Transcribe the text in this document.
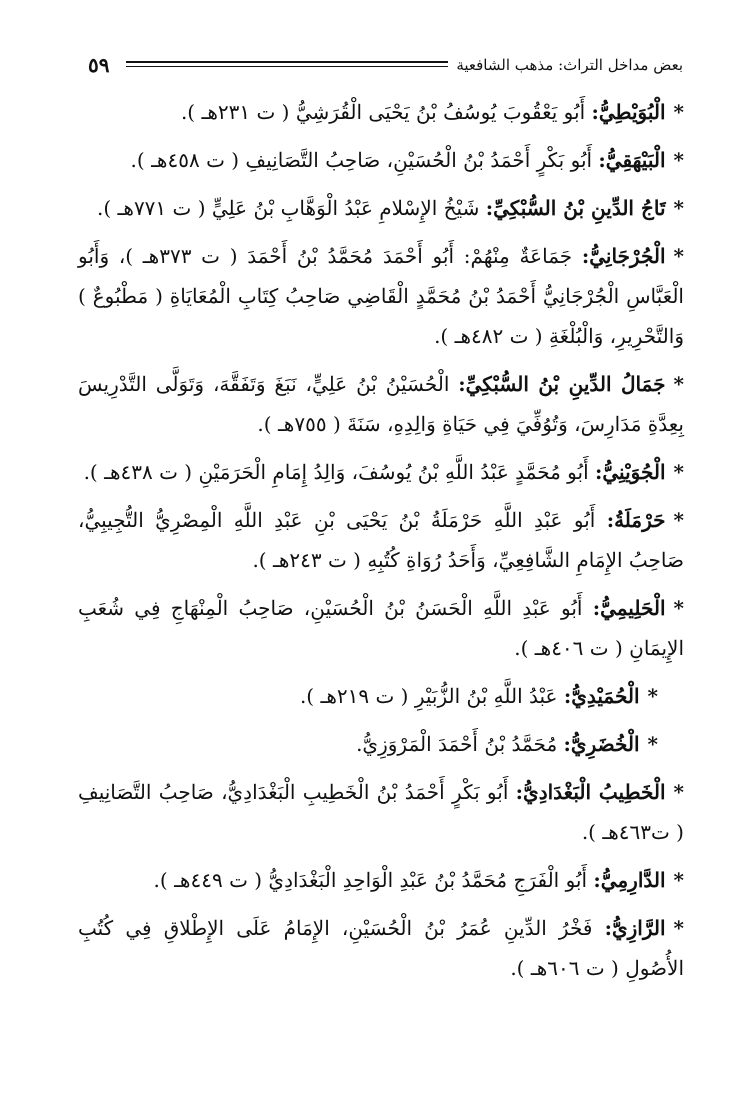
٥٩	بعض مداخل التراث: مذهب الشافعية

*الْبُوَيْطِيُّ: أَبُو يَعْقُوبَ يُوسُفُ بْنُ يَحْيَى الْقُرَشِيُّ ( ت ٢٣١هـ ).

*الْبَيْهَقِيُّ: أَبُو بَكْرٍ أَحْمَدُ بْنُ الْحُسَيْنِ، صَاحِبُ التَّصَانِيفِ ( ت ٤٥٨هـ ).

*تَاجُ الدِّينِ بْنُ السُّبْكِيِّ: شَيْخُ الإِسْلامِ عَبْدُ الْوَهَّابِ بْنُ عَلِيٍّ ( ت ٧٧١هـ ).

*الْجُرْجَانِيُّ: جَمَاعَةٌ مِنْهُمْ: أَبُو أَحْمَدَ مُحَمَّدُ بْنُ أَحْمَدَ ( ت ٣٧٣هـ )، وَأَبُو الْعَبَّاسِ الْجُرْجَانِيُّ أَحْمَدُ بْنُ مُحَمَّدٍ الْقَاضِي صَاحِبُ كِتَابِ الْمُعَايَاةِ ( مَطْبُوعٌ ) وَالتَّحْرِيرِ، وَالْبُلْغَةِ ( ت ٤٨٢هـ ).

*جَمَالُ الدِّينِ بْنُ السُّبْكِيِّ: الْحُسَيْنُ بْنُ عَلِيٍّ، نَبَغَ وَتَفَقَّهَ، وَتَوَلَّى التَّدْرِيسَ بِعِدَّةِ مَدَارِسَ، وَتُوُفِّيَ فِي حَيَاةِ وَالِدِهِ، سَنَةَ ( ٧٥٥هـ ).

*الْجُوَيْنِيُّ: أَبُو مُحَمَّدٍ عَبْدُ اللَّهِ بْنُ يُوسُفَ، وَالِدُ إِمَامِ الْحَرَمَيْنِ ( ت ٤٣٨هـ ).

*حَرْمَلَةُ: أَبُو عَبْدِ اللَّهِ حَرْمَلَةُ بْنُ يَحْيَى بْنِ عَبْدِ اللَّهِ الْمِصْرِيُّ التُّجِيبِيُّ، صَاحِبُ الإِمَامِ الشَّافِعِيِّ، وَأَحَدُ رُوَاةِ كُتُبِهِ ( ت ٢٤٣هـ ).

*الْحَلِيمِيُّ: أَبُو عَبْدِ اللَّهِ الْحَسَنُ بْنُ الْحُسَيْنِ، صَاحِبُ الْمِنْهَاجِ فِي شُعَبِ الإِيمَانِ ( ت ٤٠٦هـ ).

*الْحُمَيْدِيُّ: عَبْدُ اللَّهِ بْنُ الزُّبَيْرِ ( ت ٢١٩هـ ).

*الْخُضَرِيُّ: مُحَمَّدُ بْنُ أَحْمَدَ الْمَرْوَزِيُّ.

*الْخَطِيبُ الْبَغْدَادِيُّ: أَبُو بَكْرٍ أَحْمَدُ بْنُ الْخَطِيبِ الْبَغْدَادِيُّ، صَاحِبُ التَّصَانِيفِ ( ت٤٦٣هـ ).

*الدَّارِمِيُّ: أَبُو الْفَرَجِ مُحَمَّدُ بْنُ عَبْدِ الْوَاحِدِ الْبَغْدَادِيُّ ( ت ٤٤٩هـ ).

*الرَّازِيُّ: فَخْرُ الدِّينِ عُمَرُ بْنُ الْحُسَيْنِ، الإِمَامُ عَلَى الإِطْلاقِ فِي كُتُبِ الأُصُولِ ( ت ٦٠٦هـ ).
